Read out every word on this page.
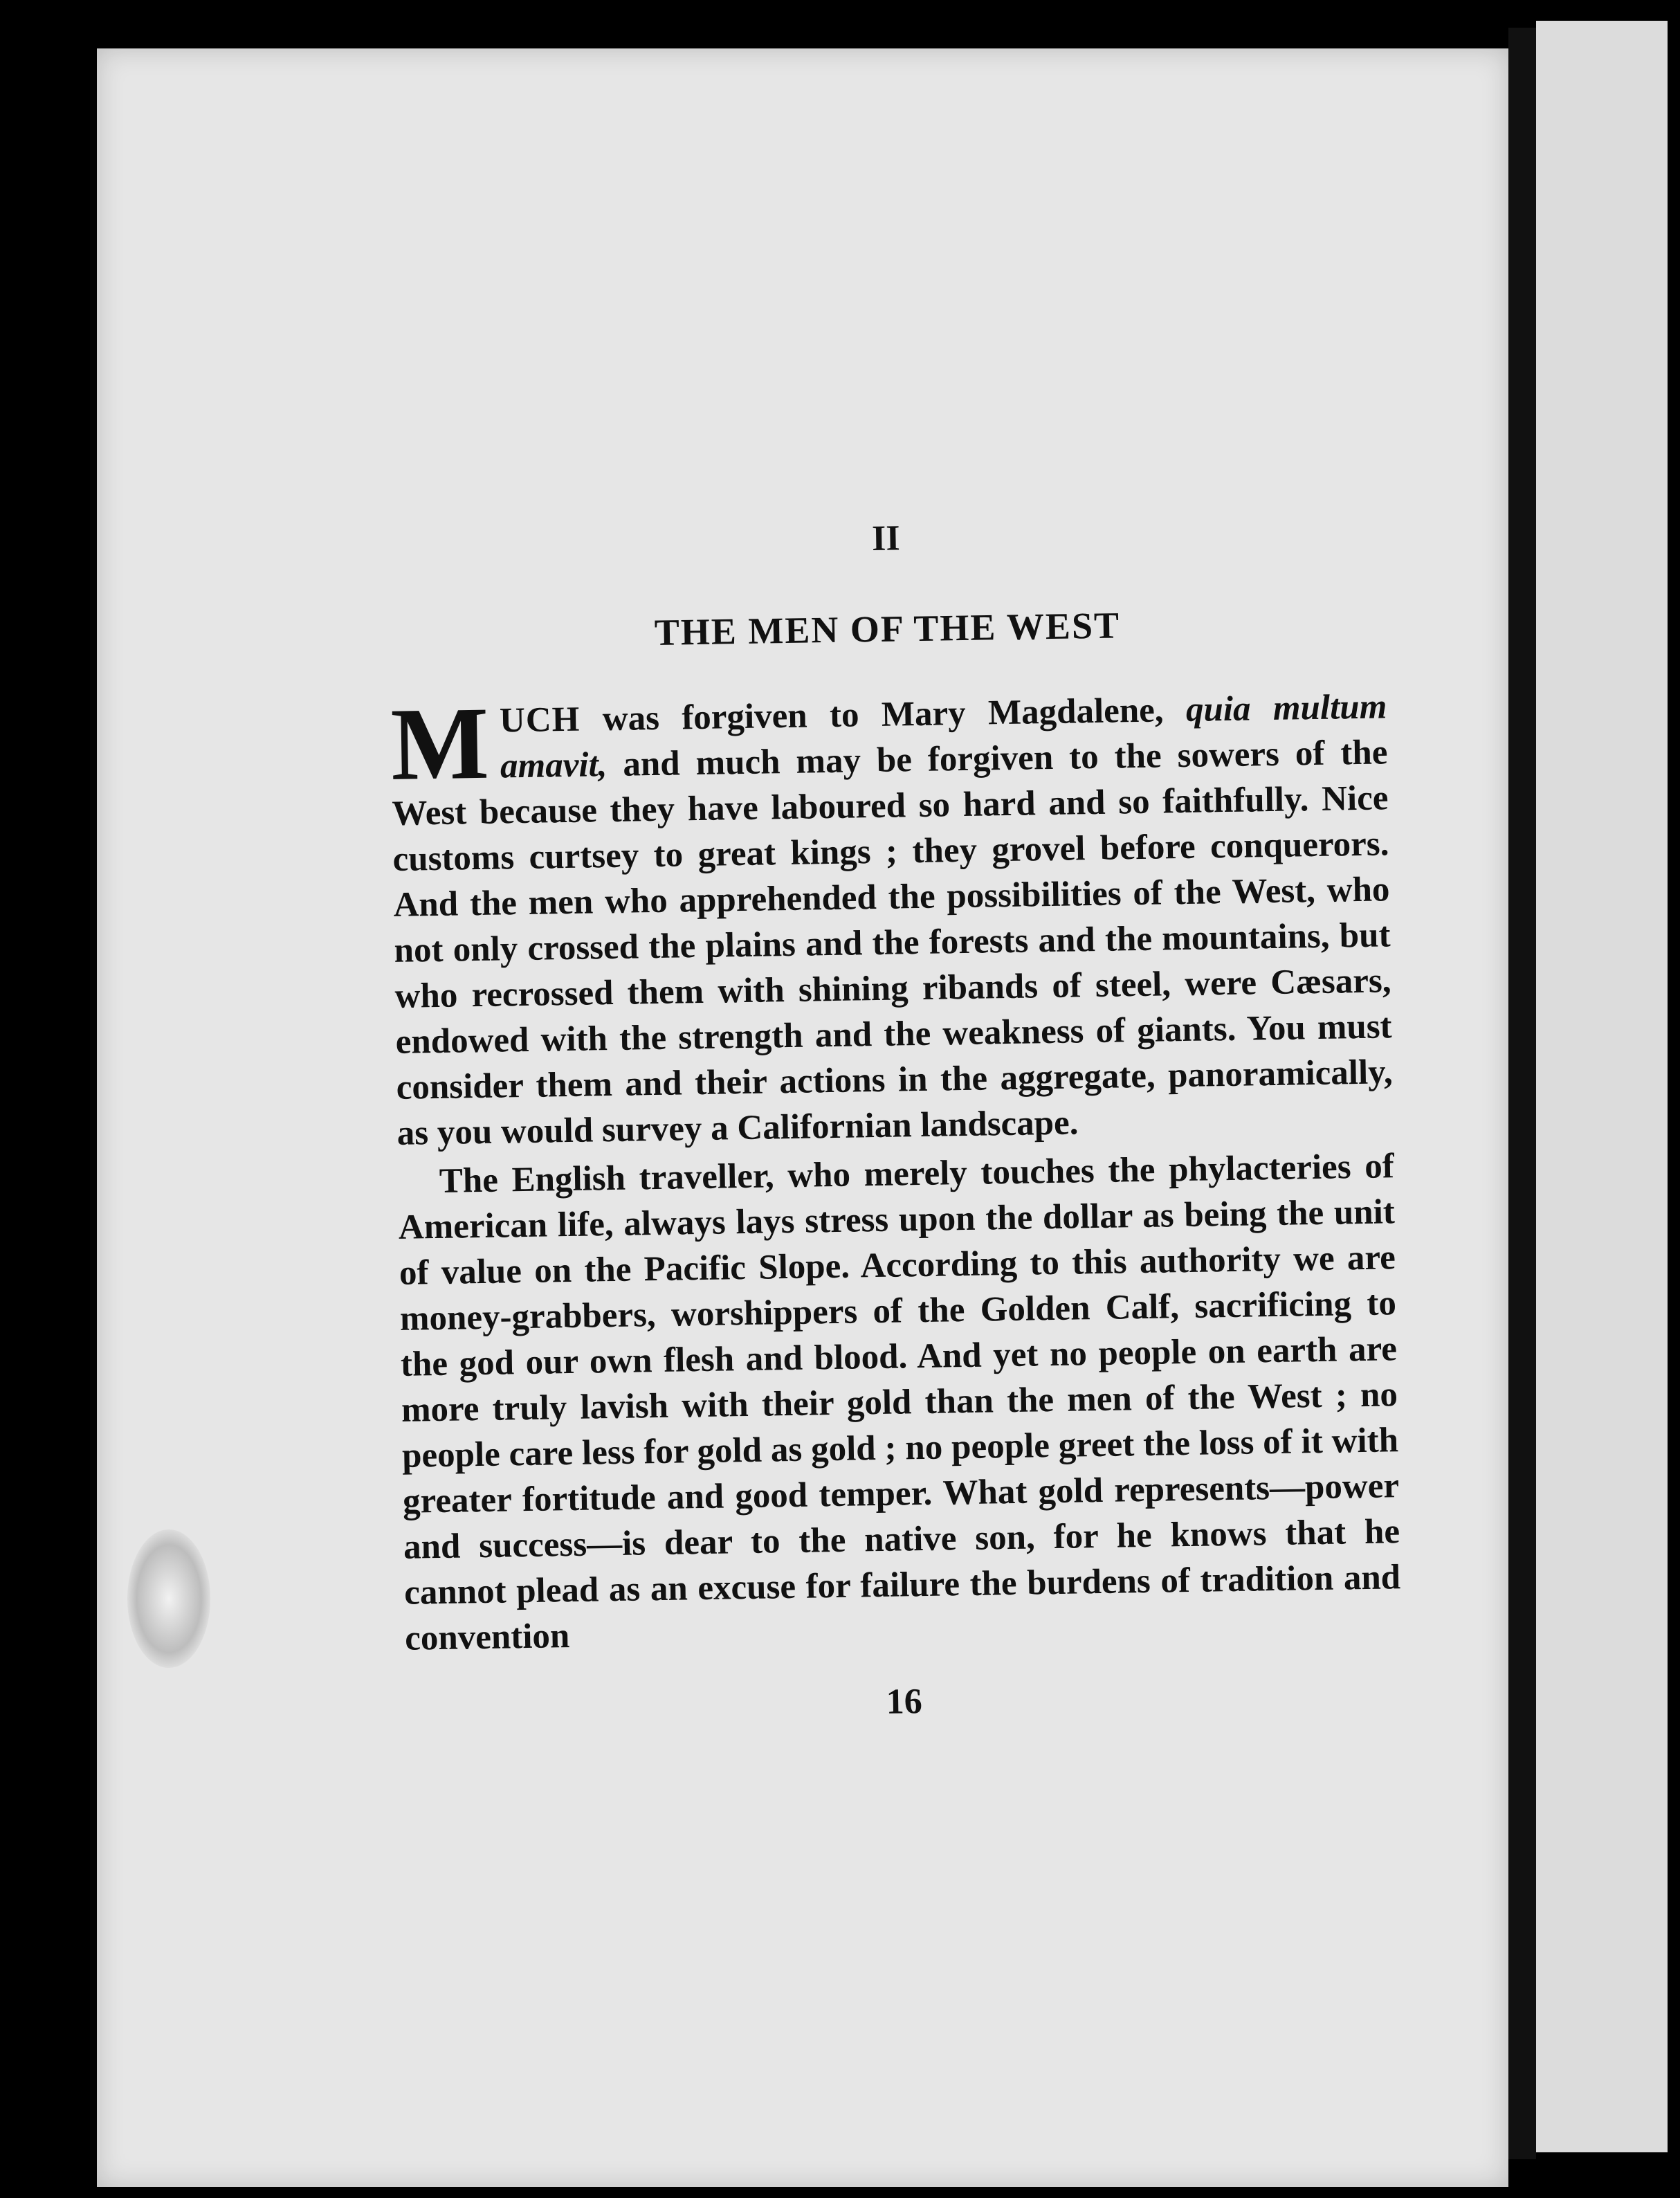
II
THE MEN OF THE WEST

MUCH was forgiven to Mary Magdalene, quia multum amavit, and much may be forgiven to the sowers of the West because they have laboured so hard and so faithfully. Nice customs curtsey to great kings ; they grovel before conquerors. And the men who apprehended the possibilities of the West, who not only crossed the plains and the forests and the mountains, but who recrossed them with shining ribands of steel, were Cæsars, endowed with the strength and the weakness of giants. You must consider them and their actions in the aggregate, panoramically, as you would survey a Californian landscape.

The English traveller, who merely touches the phylacteries of American life, always lays stress upon the dollar as being the unit of value on the Pacific Slope. According to this authority we are money-grabbers, worshippers of the Golden Calf, sacrificing to the god our own flesh and blood. And yet no people on earth are more truly lavish with their gold than the men of the West ; no people care less for gold as gold ; no people greet the loss of it with greater fortitude and good temper. What gold represents—power and success—is dear to the native son, for he knows that he cannot plead as an excuse for failure the burdens of tradition and convention

16
